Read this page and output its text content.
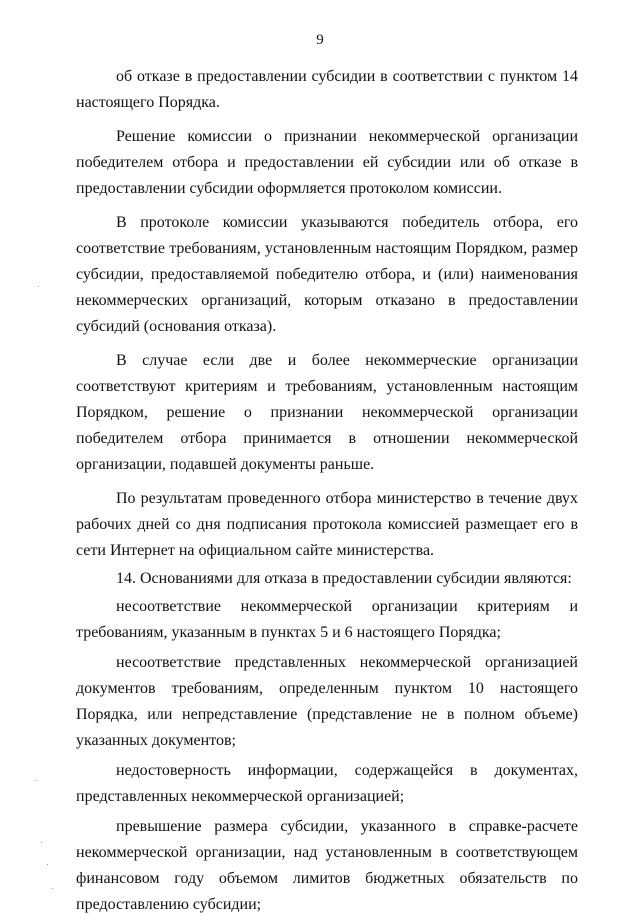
9

об отказе в предоставлении субсидии в соответствии с пунктом 14 настоящего Порядка.

Решение комиссии о признании некоммерческой организации победителем отбора и предоставлении ей субсидии или об отказе в предоставлении субсидии оформляется протоколом комиссии.

В протоколе комиссии указываются победитель отбора, его соответствие требованиям, установленным настоящим Порядком, размер субсидии, предоставляемой победителю отбора, и (или) наименования некоммерческих организаций, которым отказано в предоставлении субсидий (основания отказа).

В случае если две и более некоммерческие организации соответствуют критериям и требованиям, установленным настоящим Порядком, решение о признании некоммерческой организации победителем отбора принимается в отношении некоммерческой организации, подавшей документы раньше.

По результатам проведенного отбора министерство в течение двух рабочих дней со дня подписания протокола комиссией размещает его в сети Интернет на официальном сайте министерства.

14. Основаниями для отказа в предоставлении субсидии являются:

несоответствие некоммерческой организации критериям и требованиям, указанным в пунктах 5 и 6 настоящего Порядка;

несоответствие представленных некоммерческой организацией документов требованиям, определенным пунктом 10 настоящего Порядка, или непредставление (представление не в полном объеме) указанных документов;

недостоверность информации, содержащейся в документах, представленных некоммерческой организацией;

превышение размера субсидии, указанного в справке-расчете некоммерческой организации, над установленным в соответствующем финансовом году объемом лимитов бюджетных обязательств по предоставлению субсидии;
